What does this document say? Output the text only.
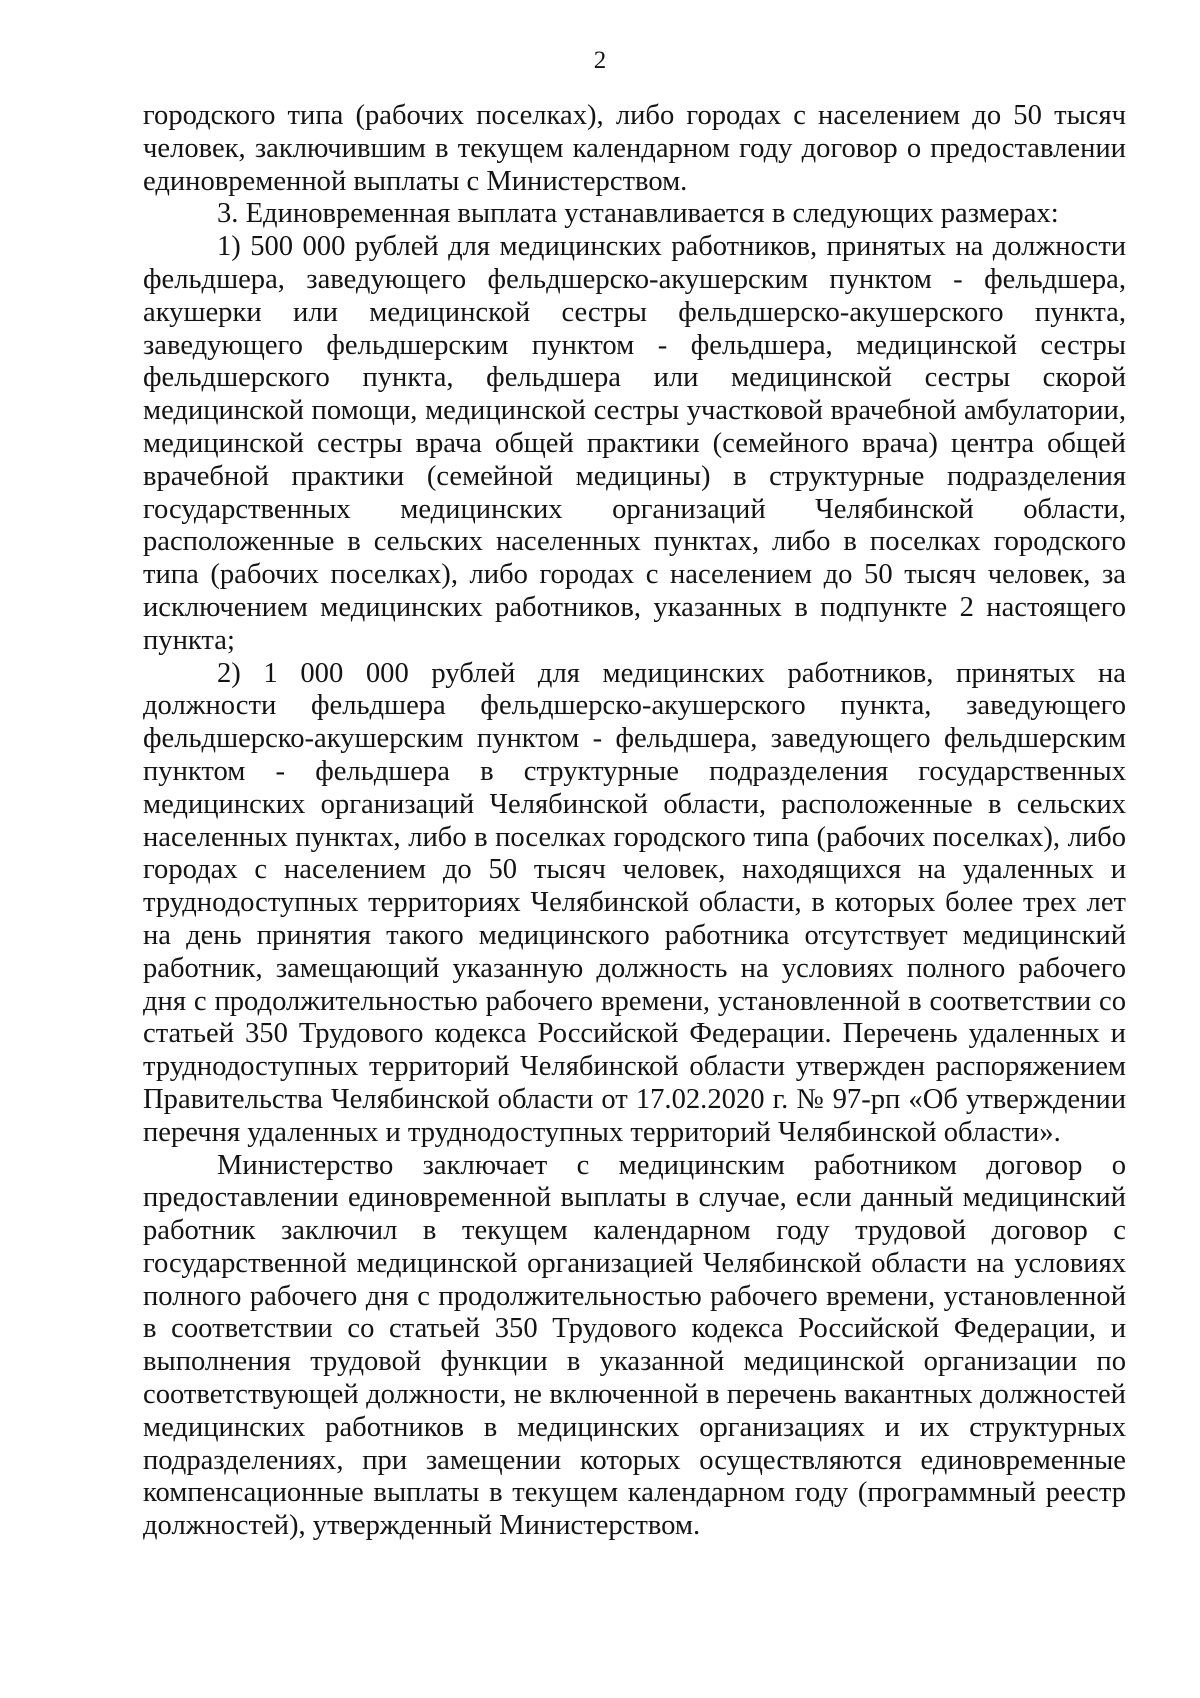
2

городского типа (рабочих поселках), либо городах с населением до 50 тысяч человек, заключившим в текущем календарном году договор о предоставлении единовременной выплаты с Министерством.

3. Единовременная выплата устанавливается в следующих размерах:

1) 500 000 рублей для медицинских работников, принятых на должности фельдшера, заведующего фельдшерско-акушерским пунктом - фельдшера, акушерки или медицинской сестры фельдшерско-акушерского пункта, заведующего фельдшерским пунктом - фельдшера, медицинской сестры фельдшерского пункта, фельдшера или медицинской сестры скорой медицинской помощи, медицинской сестры участковой врачебной амбулатории, медицинской сестры врача общей практики (семейного врача) центра общей врачебной практики (семейной медицины) в структурные подразделения государственных медицинских организаций Челябинской области, расположенные в сельских населенных пунктах, либо в поселках городского типа (рабочих поселках), либо городах с населением до 50 тысяч человек, за исключением медицинских работников, указанных в подпункте 2 настоящего пункта;

2) 1 000 000 рублей для медицинских работников, принятых на должности фельдшера фельдшерско-акушерского пункта, заведующего фельдшерско-акушерским пунктом - фельдшера, заведующего фельдшерским пунктом - фельдшера в структурные подразделения государственных медицинских организаций Челябинской области, расположенные в сельских населенных пунктах, либо в поселках городского типа (рабочих поселках), либо городах с населением до 50 тысяч человек, находящихся на удаленных и труднодоступных территориях Челябинской области, в которых более трех лет на день принятия такого медицинского работника отсутствует медицинский работник, замещающий указанную должность на условиях полного рабочего дня с продолжительностью рабочего времени, установленной в соответствии со статьей 350 Трудового кодекса Российской Федерации. Перечень удаленных и труднодоступных территорий Челябинской области утвержден распоряжением Правительства Челябинской области от 17.02.2020 г. № 97-рп «Об утверждении перечня удаленных и труднодоступных территорий Челябинской области».

Министерство заключает с медицинским работником договор о предоставлении единовременной выплаты в случае, если данный медицинский работник заключил в текущем календарном году трудовой договор с государственной медицинской организацией Челябинской области на условиях полного рабочего дня с продолжительностью рабочего времени, установленной в соответствии со статьей 350 Трудового кодекса Российской Федерации, и выполнения трудовой функции в указанной медицинской организации по соответствующей должности, не включенной в перечень вакантных должностей медицинских работников в медицинских организациях и их структурных подразделениях, при замещении которых осуществляются единовременные компенсационные выплаты в текущем календарном году (программный реестр должностей), утвержденный Министерством.
